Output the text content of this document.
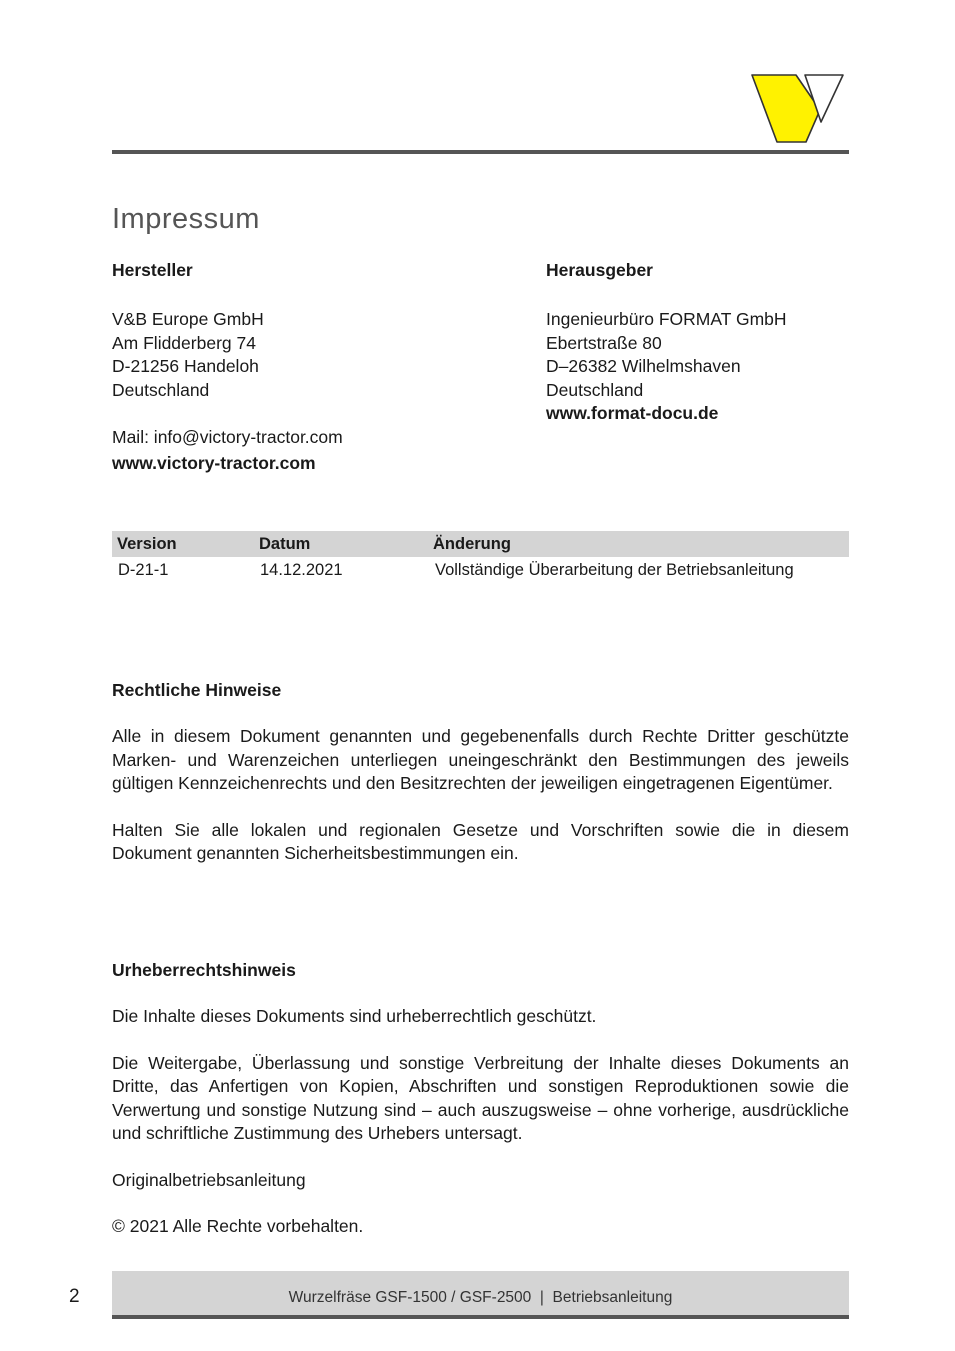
Impressum
Hersteller
V&B Europe GmbH
Am Flidderberg 74
D-21256 Handeloh
Deutschland
Mail: info@victory-tractor.com
www.victory-tractor.com
Herausgeber
Ingenieurbüro FORMAT GmbH
Ebertstraße 80
D–26382 Wilhelmshaven
Deutschland
www.format-docu.de
Version	Datum	Änderung
D-21-1	14.12.2021	Vollständige Überarbeitung der Betriebsanleitung
Rechtliche Hinweise

Alle in diesem Dokument genannten und gegebenenfalls durch Rechte Dritter geschützte Marken- und Warenzeichen unterliegen uneingeschränkt den Bestimmungen des jeweils gültigen Kennzeichenrechts und den Besitzrechten der jeweiligen eingetragenen Eigentümer.

Halten Sie alle lokalen und regionalen Gesetze und Vorschriften sowie die in diesem Dokument genannten Sicherheitsbestimmungen ein.

Urheberrechtshinweis

Die Inhalte dieses Dokuments sind urheberrechtlich geschützt.

Die Weitergabe, Überlassung und sonstige Verbreitung der Inhalte dieses Dokuments an Dritte, das Anfertigen von Kopien, Abschriften und sonstigen Reproduktionen sowie die Verwertung und sonstige Nutzung sind – auch auszugsweise – ohne vorherige, ausdrückliche und schriftliche Zustimmung des Urhebers untersagt.

Originalbetriebsanleitung

© 2021 Alle Rechte vorbehalten.

Wurzelfräse GSF-1500 / GSF-2500  |  Betriebsanleitung
2
